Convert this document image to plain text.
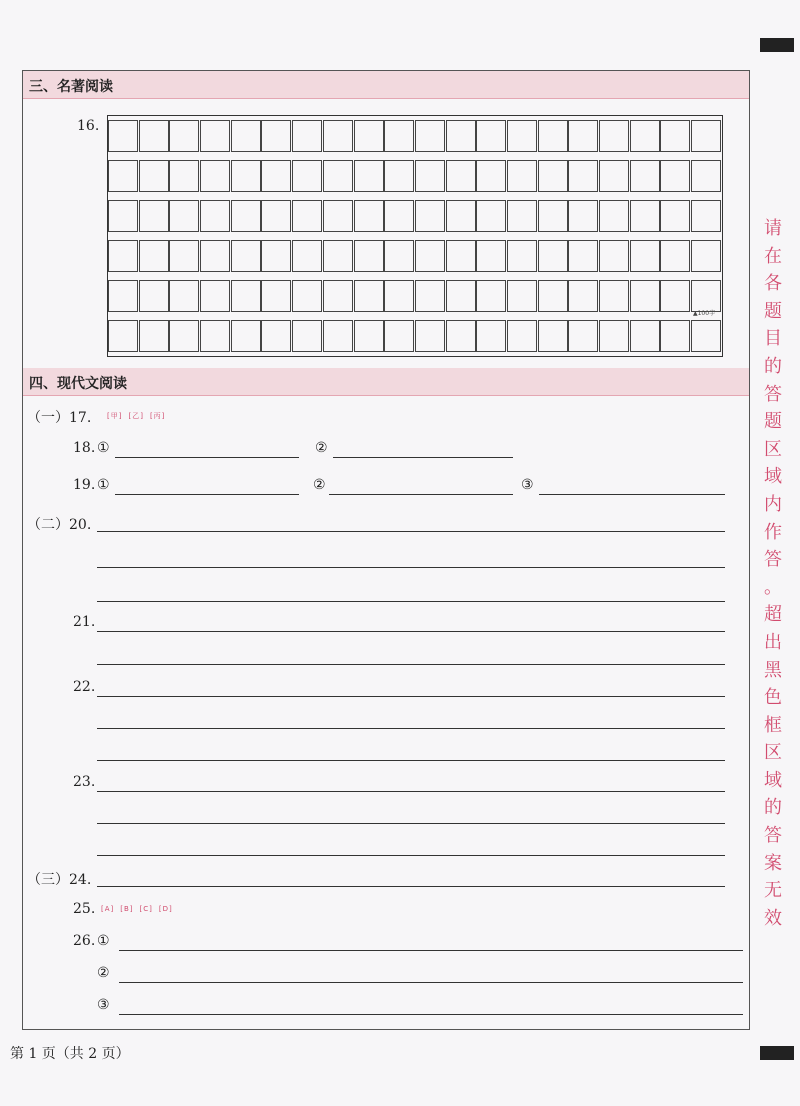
三、名著阅读
16.
▲100字
四、现代文阅读
（一）17. [甲] [乙] [丙]
18. ①	②
19. ①	②	③
（二）20.
21.
22.
23.
（三）24.
25. [A] [B] [C] [D]
26. ①
②
③
请
在
各
题
目
的
答
题
区
域
内
作
答
。
超
出
黑
色
框
区
域
的
答
案
无
效
第 1 页（共 2 页）
